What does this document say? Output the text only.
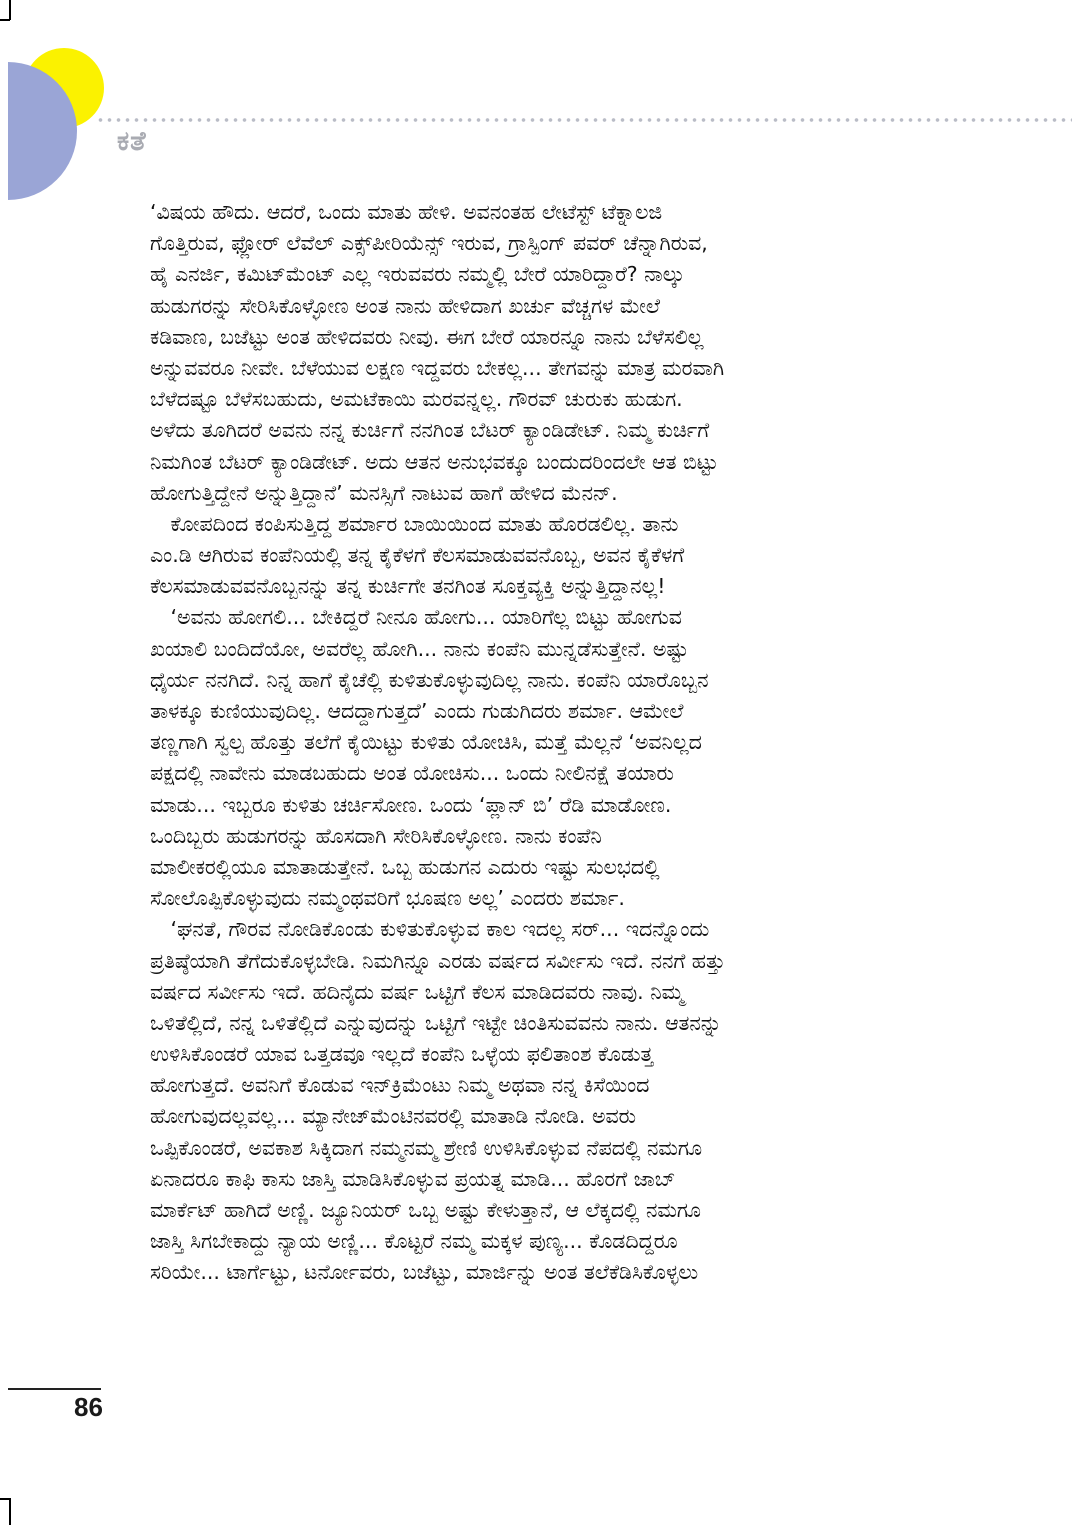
ಕತೆ
‘ವಿಷಯ ಹೌದು. ಆದರೆ, ಒಂದು ಮಾತು ಹೇಳಿ. ಅವನಂತಹ ಲೇಟೆಸ್ಟ್ ಟೆಕ್ನಾಲಜಿ
ಗೊತ್ತಿರುವ, ಫ್ಲೋರ್ ಲೆವೆಲ್ ಎಕ್ಸ್‌ಪೀರಿಯೆನ್ಸ್ ಇರುವ, ಗ್ರಾಸ್ಪಿಂಗ್ ಪವರ್ ಚೆನ್ನಾಗಿರುವ,
ಹೈ ಎನರ್ಜಿ, ಕಮಿಟ್‌ಮೆಂಟ್ ಎಲ್ಲ ಇರುವವರು ನಮ್ಮಲ್ಲಿ ಬೇರೆ ಯಾರಿದ್ದಾರೆ? ನಾಲ್ಕು
ಹುಡುಗರನ್ನು ಸೇರಿಸಿಕೊಳ್ಳೋಣ ಅಂತ ನಾನು ಹೇಳಿದಾಗ ಖರ್ಚು ವೆಚ್ಚಗಳ ಮೇಲೆ
ಕಡಿವಾಣ, ಬಜೆಟ್ಟು ಅಂತ ಹೇಳಿದವರು ನೀವು. ಈಗ ಬೇರೆ ಯಾರನ್ನೂ ನಾನು ಬೆಳೆಸಲಿಲ್ಲ
ಅನ್ನುವವರೂ ನೀವೇ. ಬೆಳೆಯುವ ಲಕ್ಷಣ ಇದ್ದವರು ಬೇಕಲ್ಲ... ತೇಗವನ್ನು ಮಾತ್ರ ಮರವಾಗಿ
ಬೆಳೆದಷ್ಟೂ ಬೆಳೆಸಬಹುದು, ಅಮಟೆಕಾಯಿ ಮರವನ್ನಲ್ಲ. ಗೌರವ್ ಚುರುಕು ಹುಡುಗ.
ಅಳೆದು ತೂಗಿದರೆ ಅವನು ನನ್ನ ಕುರ್ಚಿಗೆ ನನಗಿಂತ ಬೆಟರ್ ಕ್ಯಾಂಡಿಡೇಟ್. ನಿಮ್ಮ ಕುರ್ಚಿಗೆ
ನಿಮಗಿಂತ ಬೆಟರ್ ಕ್ಯಾಂಡಿಡೇಟ್. ಅದು ಆತನ ಅನುಭವಕ್ಕೂ ಬಂದುದರಿಂದಲೇ ಆತ ಬಿಟ್ಟು
ಹೋಗುತ್ತಿದ್ದೇನೆ ಅನ್ನುತ್ತಿದ್ದಾನೆ’ ಮನಸ್ಸಿಗೆ ನಾಟುವ ಹಾಗೆ ಹೇಳಿದ ಮೆನನ್.
 ಕೋಪದಿಂದ ಕಂಪಿಸುತ್ತಿದ್ದ ಶರ್ಮಾರ ಬಾಯಿಯಿಂದ ಮಾತು ಹೊರಡಲಿಲ್ಲ. ತಾನು
ಎಂ.ಡಿ ಆಗಿರುವ ಕಂಪೆನಿಯಲ್ಲಿ ತನ್ನ ಕೈಕೆಳಗೆ ಕೆಲಸಮಾಡುವವನೊಬ್ಬ, ಅವನ ಕೈಕೆಳಗೆ
ಕೆಲಸಮಾಡುವವನೊಬ್ಬನನ್ನು ತನ್ನ ಕುರ್ಚಿಗೇ ತನಗಿಂತ ಸೂಕ್ತವ್ಯಕ್ತಿ ಅನ್ನುತ್ತಿದ್ದಾನಲ್ಲ!
 ‘ಅವನು ಹೋಗಲಿ... ಬೇಕಿದ್ದರೆ ನೀನೂ ಹೋಗು... ಯಾರಿಗೆಲ್ಲ ಬಿಟ್ಟು ಹೋಗುವ
ಖಯಾಲಿ ಬಂದಿದೆಯೋ, ಅವರೆಲ್ಲ ಹೋಗಿ... ನಾನು ಕಂಪೆನಿ ಮುನ್ನಡೆಸುತ್ತೇನೆ. ಅಷ್ಟು
ಧೈರ್ಯ ನನಗಿದೆ. ನಿನ್ನ ಹಾಗೆ ಕೈಚೆಲ್ಲಿ ಕುಳಿತುಕೊಳ್ಳುವುದಿಲ್ಲ ನಾನು. ಕಂಪೆನಿ ಯಾರೊಬ್ಬನ
ತಾಳಕ್ಕೂ ಕುಣಿಯುವುದಿಲ್ಲ. ಆದದ್ದಾಗುತ್ತದೆ’ ಎಂದು ಗುಡುಗಿದರು ಶರ್ಮಾ. ಆಮೇಲೆ
ತಣ್ಣಗಾಗಿ ಸ್ವಲ್ಪ ಹೊತ್ತು ತಲೆಗೆ ಕೈಯಿಟ್ಟು ಕುಳಿತು ಯೋಚಿಸಿ, ಮತ್ತೆ ಮೆಲ್ಲನೆ ‘ಅವನಿಲ್ಲದ
ಪಕ್ಷದಲ್ಲಿ ನಾವೇನು ಮಾಡಬಹುದು ಅಂತ ಯೋಚಿಸು... ಒಂದು ನೀಲಿನಕ್ಷೆ ತಯಾರು
ಮಾಡು... ಇಬ್ಬರೂ ಕುಳಿತು ಚರ್ಚಿಸೋಣ. ಒಂದು ‘ಪ್ಲಾನ್ ಬಿ’ ರೆಡಿ ಮಾಡೋಣ.
ಒಂದಿಬ್ಬರು ಹುಡುಗರನ್ನು ಹೊಸದಾಗಿ ಸೇರಿಸಿಕೊಳ್ಳೋಣ. ನಾನು ಕಂಪೆನಿ
ಮಾಲೀಕರಲ್ಲಿಯೂ ಮಾತಾಡುತ್ತೇನೆ. ಒಬ್ಬ ಹುಡುಗನ ಎದುರು ಇಷ್ಟು ಸುಲಭದಲ್ಲಿ
ಸೋಲೊಪ್ಪಿಕೊಳ್ಳುವುದು ನಮ್ಮಂಥವರಿಗೆ ಭೂಷಣ ಅಲ್ಲ’ ಎಂದರು ಶರ್ಮಾ.
 ‘ಘನತೆ, ಗೌರವ ನೋಡಿಕೊಂಡು ಕುಳಿತುಕೊಳ್ಳುವ ಕಾಲ ಇದಲ್ಲ ಸರ್... ಇದನ್ನೊಂದು
ಪ್ರತಿಷ್ಠೆಯಾಗಿ ತೆಗೆದುಕೊಳ್ಳಬೇಡಿ. ನಿಮಗಿನ್ನೂ ಎರಡು ವರ್ಷದ ಸರ್ವೀಸು ಇದೆ. ನನಗೆ ಹತ್ತು
ವರ್ಷದ ಸರ್ವೀಸು ಇದೆ. ಹದಿನೈದು ವರ್ಷ ಒಟ್ಟಿಗೆ ಕೆಲಸ ಮಾಡಿದವರು ನಾವು. ನಿಮ್ಮ
ಒಳಿತೆಲ್ಲಿದೆ, ನನ್ನ ಒಳಿತೆಲ್ಲಿದೆ ಎನ್ನುವುದನ್ನು ಒಟ್ಟಿಗೆ ಇಟ್ಟೇ ಚಿಂತಿಸುವವನು ನಾನು. ಆತನನ್ನು
ಉಳಿಸಿಕೊಂಡರೆ ಯಾವ ಒತ್ತಡವೂ ಇಲ್ಲದೆ ಕಂಪೆನಿ ಒಳ್ಳೆಯ ಫಲಿತಾಂಶ ಕೊಡುತ್ತ
ಹೋಗುತ್ತದೆ. ಅವನಿಗೆ ಕೊಡುವ ಇನ್‌ಕ್ರಿಮೆಂಟು ನಿಮ್ಮ ಅಥವಾ ನನ್ನ ಕಿಸೆಯಿಂದ
ಹೋಗುವುದಲ್ಲವಲ್ಲ... ಮ್ಯಾನೇಜ್‌ಮೆಂಟಿನವರಲ್ಲಿ ಮಾತಾಡಿ ನೋಡಿ. ಅವರು
ಒಪ್ಪಿಕೊಂಡರೆ, ಅವಕಾಶ ಸಿಕ್ಕಿದಾಗ ನಮ್ಮನಮ್ಮ ಶ್ರೇಣಿ ಉಳಿಸಿಕೊಳ್ಳುವ ನೆಪದಲ್ಲಿ ನಮಗೂ
ಏನಾದರೂ ಕಾಫಿ ಕಾಸು ಜಾಸ್ತಿ ಮಾಡಿಸಿಕೊಳ್ಳುವ ಪ್ರಯತ್ನ ಮಾಡಿ... ಹೊರಗೆ ಜಾಬ್
ಮಾರ್ಕೆಟ್ ಹಾಗಿದೆ ಅಣ್ಣಿ. ಜ್ಯೂನಿಯರ್ ಒಬ್ಬ ಅಷ್ಟು ಕೇಳುತ್ತಾನೆ, ಆ ಲೆಕ್ಕದಲ್ಲಿ ನಮಗೂ
ಜಾಸ್ತಿ ಸಿಗಬೇಕಾದ್ದು ನ್ಯಾಯ ಅಣ್ಣಿ... ಕೊಟ್ಟರೆ ನಮ್ಮ ಮಕ್ಕಳ ಪುಣ್ಯ... ಕೊಡದಿದ್ದರೂ
ಸರಿಯೇ... ಟಾರ್ಗೆಟ್ಟು, ಟರ್ನೋವರು, ಬಜೆಟ್ಟು, ಮಾರ್ಜಿನ್ನು ಅಂತ ತಲೆಕೆಡಿಸಿಕೊಳ್ಳಲು
86
